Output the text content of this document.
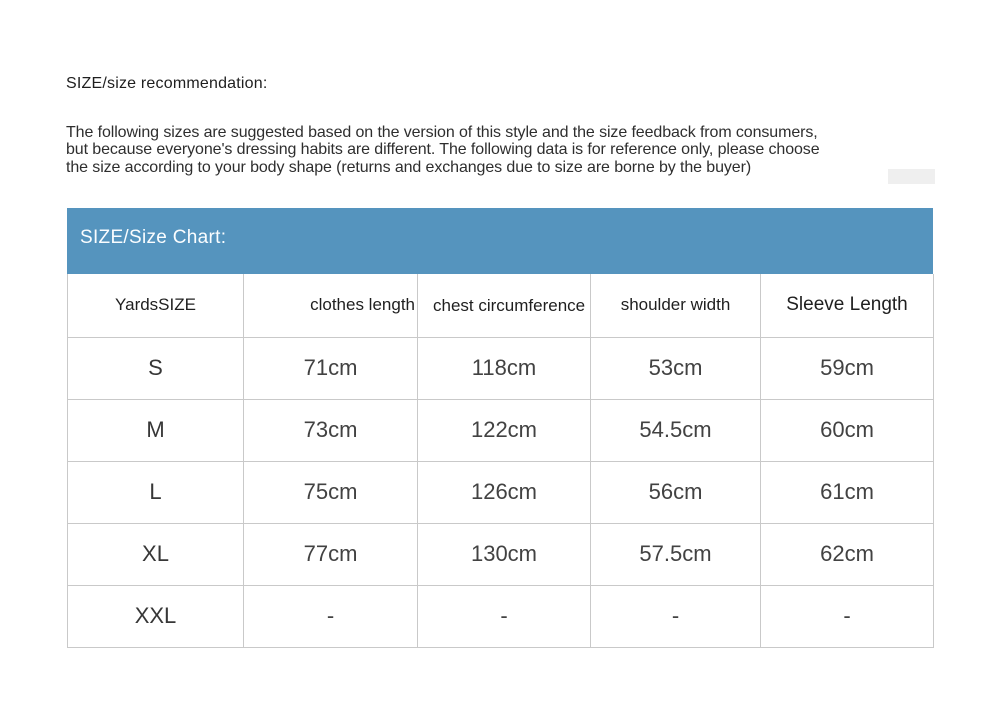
SIZE/size recommendation:
The following sizes are suggested based on the version of this style and the size feedback from consumers,
but because everyone's dressing habits are different. The following data is for reference only, please choose
the size according to your body shape (returns and exchanges due to size are borne by the buyer)
SIZE/Size Chart:
YardsSIZE	clothes length	chest circumference	shoulder width	Sleeve Length
S	71cm	118cm	53cm	59cm
M	73cm	122cm	54.5cm	60cm
L	75cm	126cm	56cm	61cm
XL	77cm	130cm	57.5cm	62cm
XXL	-	-	-	-
